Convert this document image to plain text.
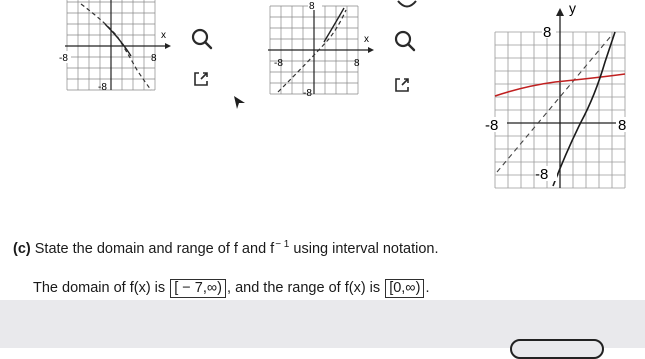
-8	8
-8
x
8
-8	8
-8
x	8
y
-8	8
-8
(c) State the domain and range of f and $f^{- 1}$ using interval notation.
The domain of f(x) is [ − 7,∞) , and the range of f(x) is [0,∞) .
